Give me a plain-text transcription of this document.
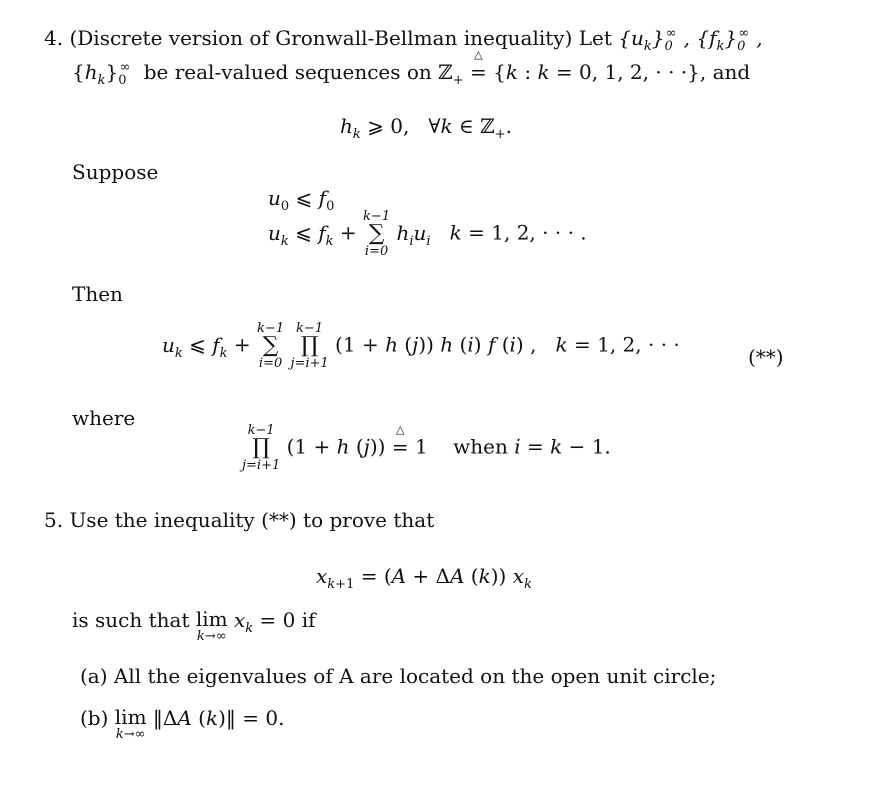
4. (Discrete version of Gronwall-Bellman inequality) Let $\{u_k\}_0^\infty$ , $\{f_k\}_0^\infty$ ,
$\{h_k\}_0^\infty$ be real-valued sequences on ℤ$_+$ =
△
{k : k = 0, 1, 2, · · ·}, and
$h_k$ ⩾ 0,   ∀k ∈ ℤ$_+$.
Suppose
$u_0$ ⩽ $f_0$
$u_k$ ⩽ $f_k$ +
k−1
∑
i=0
$h_iu_i$ k = 1, 2, · · · .
Then
$u_k$ ⩽ $f_k$ +
k−1
∑
i=0

k−1
∏
j=i+1
(1 + h (j)) h (i) f (i) ,   k = 1, 2, · · ·
(**)
where
k−1
∏
j=i+1
(1 + h (j)) =
△
1    when i = k − 1.
5. Use the inequality (**) to prove that
$x_{k+1} = (A + \Delta A$ (k)) $x_k$
is such that lim
k→∞
$x_k = 0$ if
(a) All the eigenvalues of A are located on the open unit circle;
(b) lim
k→∞
‖ΔA (k)‖ = 0.
